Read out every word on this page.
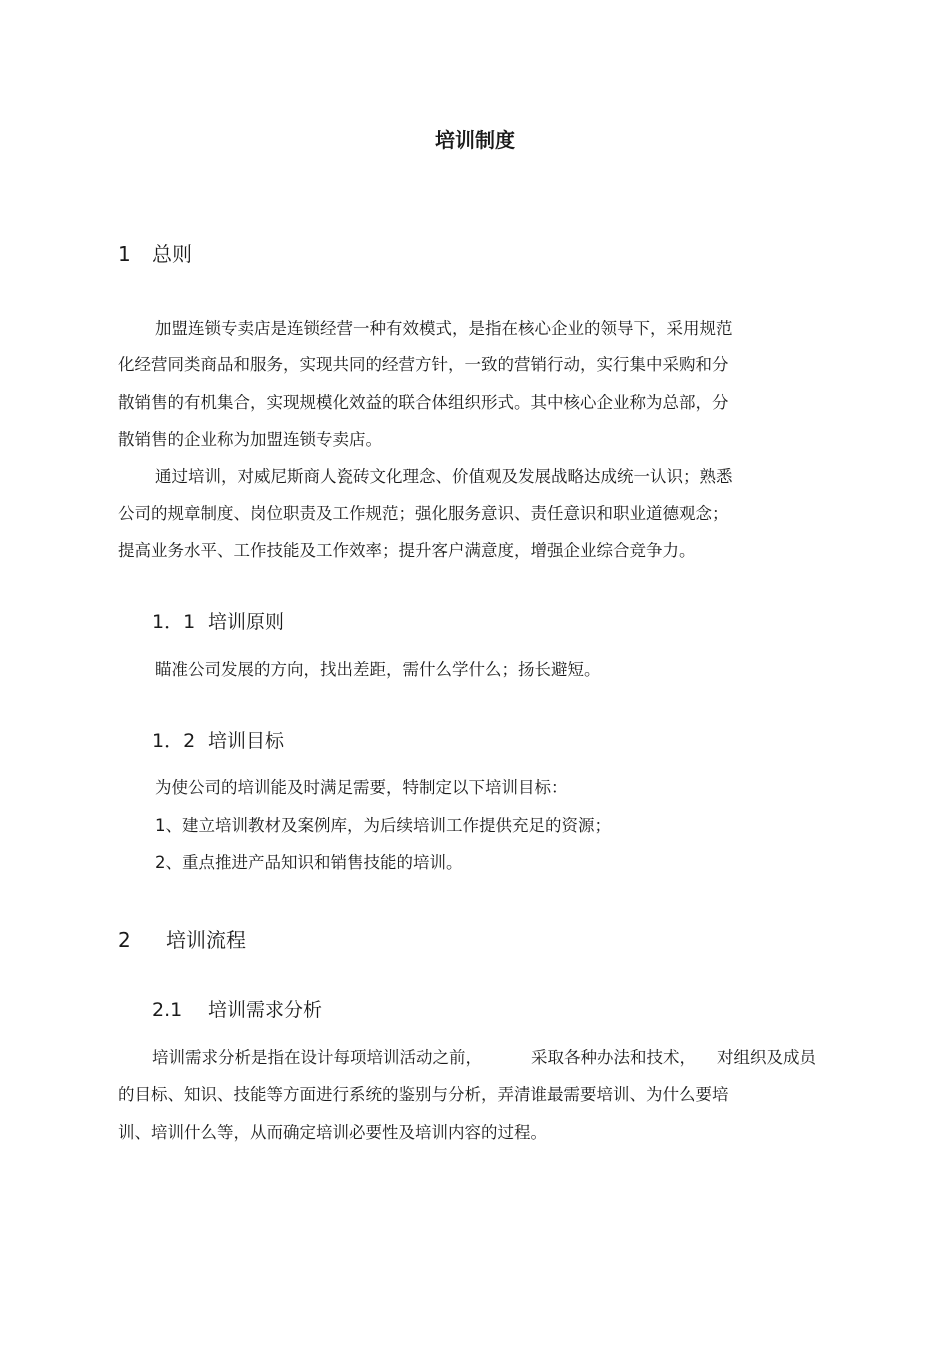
培训制度
1 总则

加盟连锁专卖店是连锁经营一种有效模式，是指在核心企业的领导下，采用规范

化经营同类商品和服务，实现共同的经营方针，一致的营销行动，实行集中采购和分

散销售的有机集合，实现规模化效益的联合体组织形式。其中核心企业称为总部，分

散销售的企业称为加盟连锁专卖店。

通过培训，对威尼斯商人瓷砖文化理念、价值观及发展战略达成统一认识；熟悉

公司的规章制度、岗位职责及工作规范；强化服务意识、责任意识和职业道德观念；

提高业务水平、工作技能及工作效率；提升客户满意度，增强企业综合竞争力。

1．1 培训原则

瞄准公司发展的方向，找出差距，需什么学什么；扬长避短。

1．2 培训目标

为使公司的培训能及时满足需要，特制定以下培训目标：

1、建立培训教材及案例库，为后续培训工作提供充足的资源；

2、重点推进产品知识和销售技能的培训。

2 培训流程
2.1 培训需求分析

培训需求分析是指在设计每项培训活动之前，	采取各种办法和技术， 对组织及成员

的目标、知识、技能等方面进行系统的鉴别与分析，弄清谁最需要培训、为什么要培

训、培训什么等，从而确定培训必要性及培训内容的过程。
